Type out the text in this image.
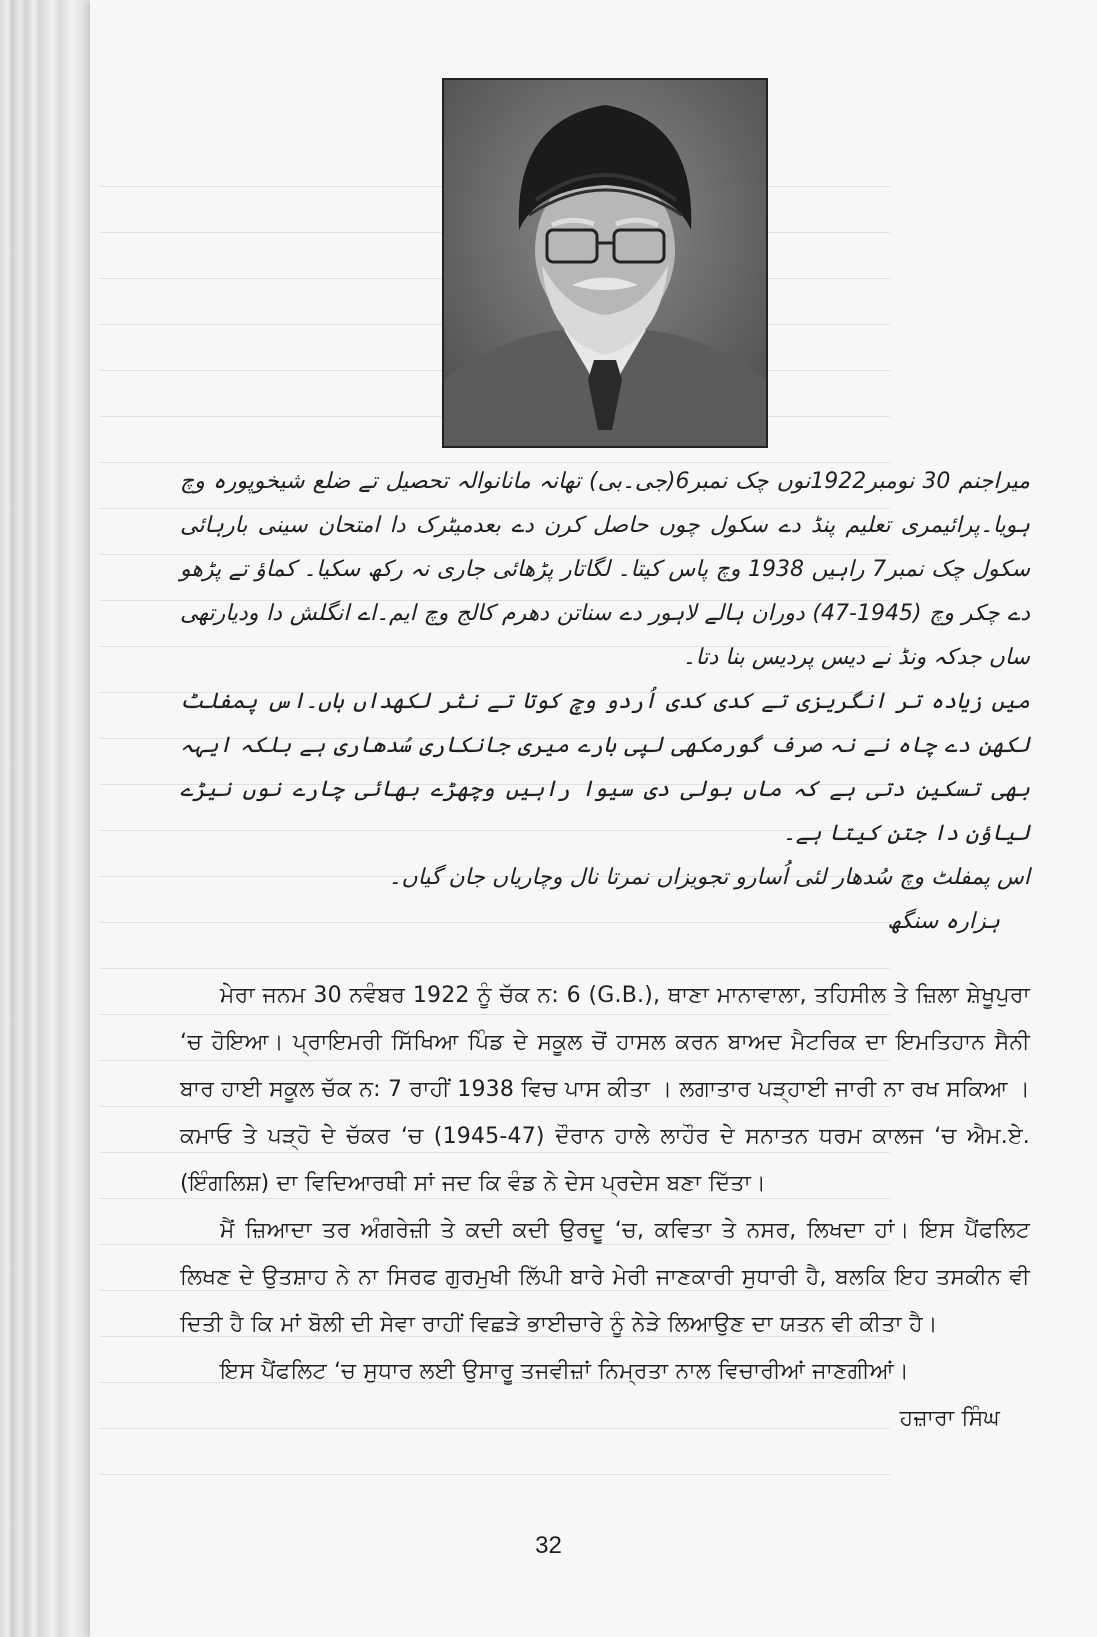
میراجنم 30 نومبر1922نوں چک نمبر6(جی۔بی) تھانہ مانانوالہ تحصیل تے ضلع شیخوپورہ وچ ہویا۔پرائیمری تعلیم پنڈ دے سکول چوں حاصل کرن دے بعدمیٹرک دا امتحان سینی بارہائی سکول چک نمبر7 راہیں 1938 وچ پاس کیتا۔ لگاتار پڑھائی جاری نہ رکھ سکیا۔ کماؤ تے پڑھو دے چکر وچ (1945-47) دوران ہالے لاہور دے سناتن دھرم کالج وچ ایم۔اے انگلش دا ودیارتھی ساں جدکہ ونڈ نے دیس پردیس بنا دتا۔

میں زیادہ تر انگریزی تے کدی کدی اُردو وچ کوتا تے نثر لکھداں ہاں۔اس پمفلٹ لکھن دے چاہ نے نہ صرف گورمکھی لپی بارے میری جانکاری سُدھاری ہے بلکہ ایہہ بھی تسکین دتی ہے کہ ماں بولی دی سیوا راہیں وچھڑے بھائی چارے نوں نیڑے لیاؤن دا جتن کیتا ہے۔

اس پمفلٹ وچ سُدھار لئی اُسارو تجویزاں نمرتا نال وچاریاں جان گیاں۔

ہزارہ سنگھ

ਮੇਰਾ ਜਨਮ 30 ਨਵੰਬਰ 1922 ਨੂੰ ਚੱਕ ਨ: 6 (G.B.), ਥਾਣਾ ਮਾਨਾਵਾਲਾ, ਤਹਿਸੀਲ ਤੇ ਜ਼ਿਲਾ ਸ਼ੇਖੂਪੁਰਾ ‘ਚ ਹੋਇਆ। ਪ੍ਰਾਇਮਰੀ ਸਿੱਖਿਆ ਪਿੰਡ ਦੇ ਸਕੂਲ ਚੋਂ ਹਾਸਲ ਕਰਨ ਬਾਅਦ ਮੈਟਰਿਕ ਦਾ ਇਮਤਿਹਾਨ ਸੈਨੀ ਬਾਰ ਹਾਈ ਸਕੂਲ ਚੱਕ ਨ: 7 ਰਾਹੀਂ 1938 ਵਿਚ ਪਾਸ ਕੀਤਾ । ਲਗਾਤਾਰ ਪੜ੍ਹਾਈ ਜਾਰੀ ਨਾ ਰਖ ਸਕਿਆ । ਕਮਾਓ ਤੇ ਪੜ੍ਹੋ ਦੇ ਚੱਕਰ ‘ਚ (1945-47) ਦੌਰਾਨ ਹਾਲੇ ਲਾਹੌਰ ਦੇ ਸਨਾਤਨ ਧਰਮ ਕਾਲਜ ‘ਚ ਐਮ.ਏ. (ਇੰਗਲਿਸ਼) ਦਾ ਵਿਦਿਆਰਥੀ ਸਾਂ ਜਦ ਕਿ ਵੰਡ ਨੇ ਦੇਸ ਪ੍ਰਦੇਸ ਬਣਾ ਦਿੱਤਾ।

ਮੈਂ ਜ਼ਿਆਦਾ ਤਰ ਅੰਗਰੇਜ਼ੀ ਤੇ ਕਦੀ ਕਦੀ ਉਰਦੂ ‘ਚ, ਕਵਿਤਾ ਤੇ ਨਸਰ, ਲਿਖਦਾ ਹਾਂ। ਇਸ ਪੈਂਫਲਿਟ ਲਿਖਣ ਦੇ ਉਤਸ਼ਾਹ ਨੇ ਨਾ ਸਿਰਫ ਗੁਰਮੁਖੀ ਲਿੱਪੀ ਬਾਰੇ ਮੇਰੀ ਜਾਣਕਾਰੀ ਸੁਧਾਰੀ ਹੈ, ਬਲਕਿ ਇਹ ਤਸਕੀਨ ਵੀ ਦਿਤੀ ਹੈ ਕਿ ਮਾਂ ਬੋਲੀ ਦੀ ਸੇਵਾ ਰਾਹੀਂ ਵਿਛੜੇ ਭਾਈਚਾਰੇ ਨੂੰ ਨੇੜੇ ਲਿਆਉਣ ਦਾ ਯਤਨ ਵੀ ਕੀਤਾ ਹੈ।

ਇਸ ਪੈਂਫਲਿਟ ‘ਚ ਸੁਧਾਰ ਲਈ ਉਸਾਰੂ ਤਜਵੀਜ਼ਾਂ ਨਿਮ੍ਰਤਾ ਨਾਲ ਵਿਚਾਰੀਆਂ ਜਾਣਗੀਆਂ।

ਹਜ਼ਾਰਾ ਸਿੰਘ

32
